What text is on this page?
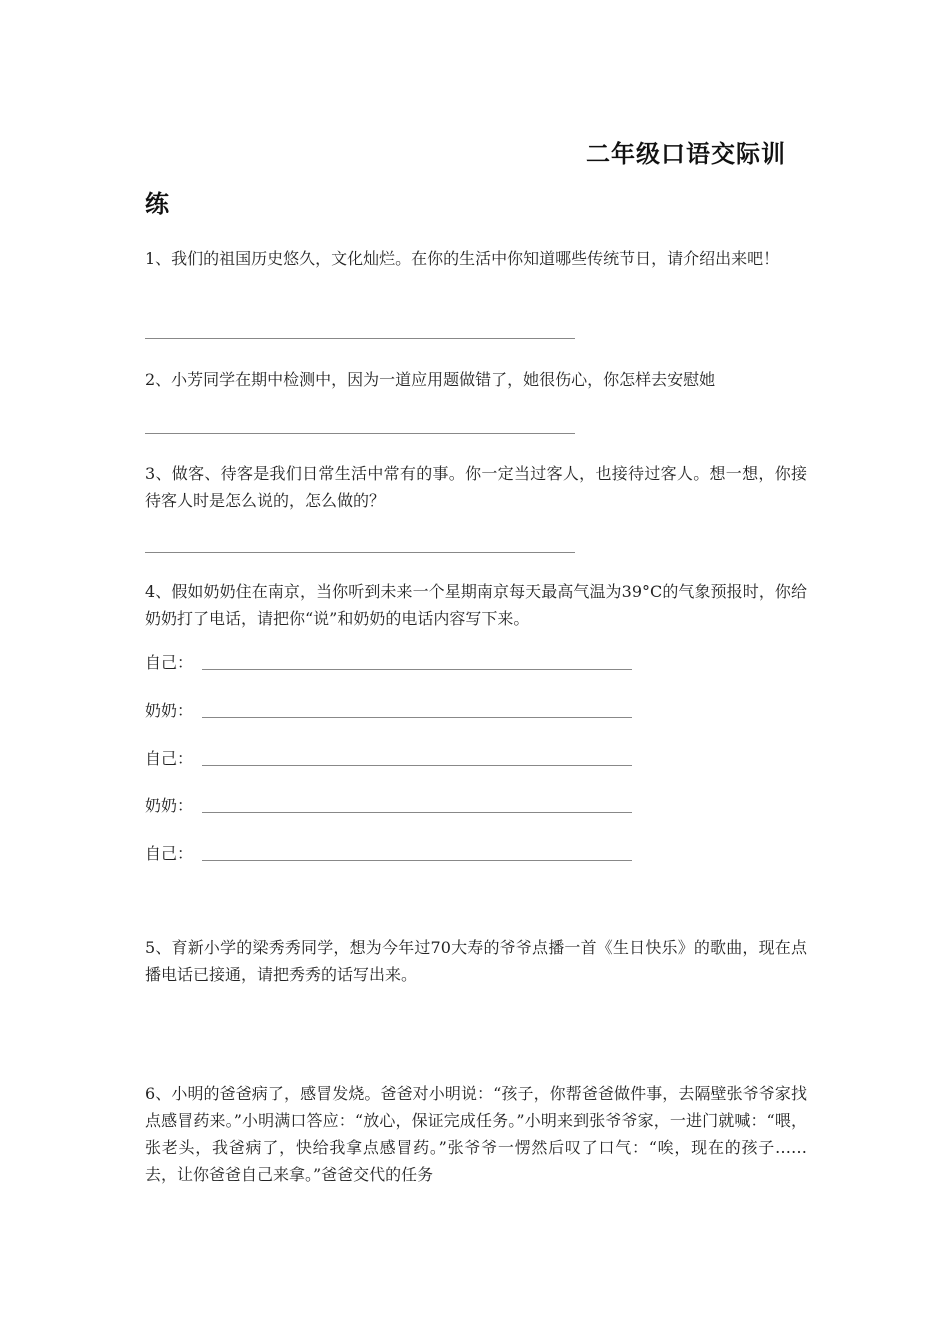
二年级口语交际训
练
1、我们的祖国历史悠久，文化灿烂。在你的生活中你知道哪些传统节日，请介绍出来吧！
2、小芳同学在期中检测中，因为一道应用题做错了，她很伤心，你怎样去安慰她
3、做客、待客是我们日常生活中常有的事。你一定当过客人，也接待过客人。想一想，你接待客人时是怎么说的，怎么做的？
4、假如奶奶住在南京，当你听到未来一个星期南京每天最高气温为39°C的气象预报时，你给奶奶打了电话，请把你“说”和奶奶的电话内容写下来。
自己：
奶奶：
自己：
奶奶：
自己：
5、育新小学的梁秀秀同学，想为今年过70大寿的爷爷点播一首《生日快乐》的歌曲，现在点播电话已接通，请把秀秀的话写出来。
6、小明的爸爸病了，感冒发烧。爸爸对小明说：“孩子，你帮爸爸做件事，去隔壁张爷爷家找点感冒药来。”小明满口答应：“放心，保证完成任务。”小明来到张爷爷家，一进门就喊：“喂，张老头，我爸病了，快给我拿点感冒药。”张爷爷一愣然后叹了口气：“唉，现在的孩子……去，让你爸爸自己来拿。”爸爸交代的任务
